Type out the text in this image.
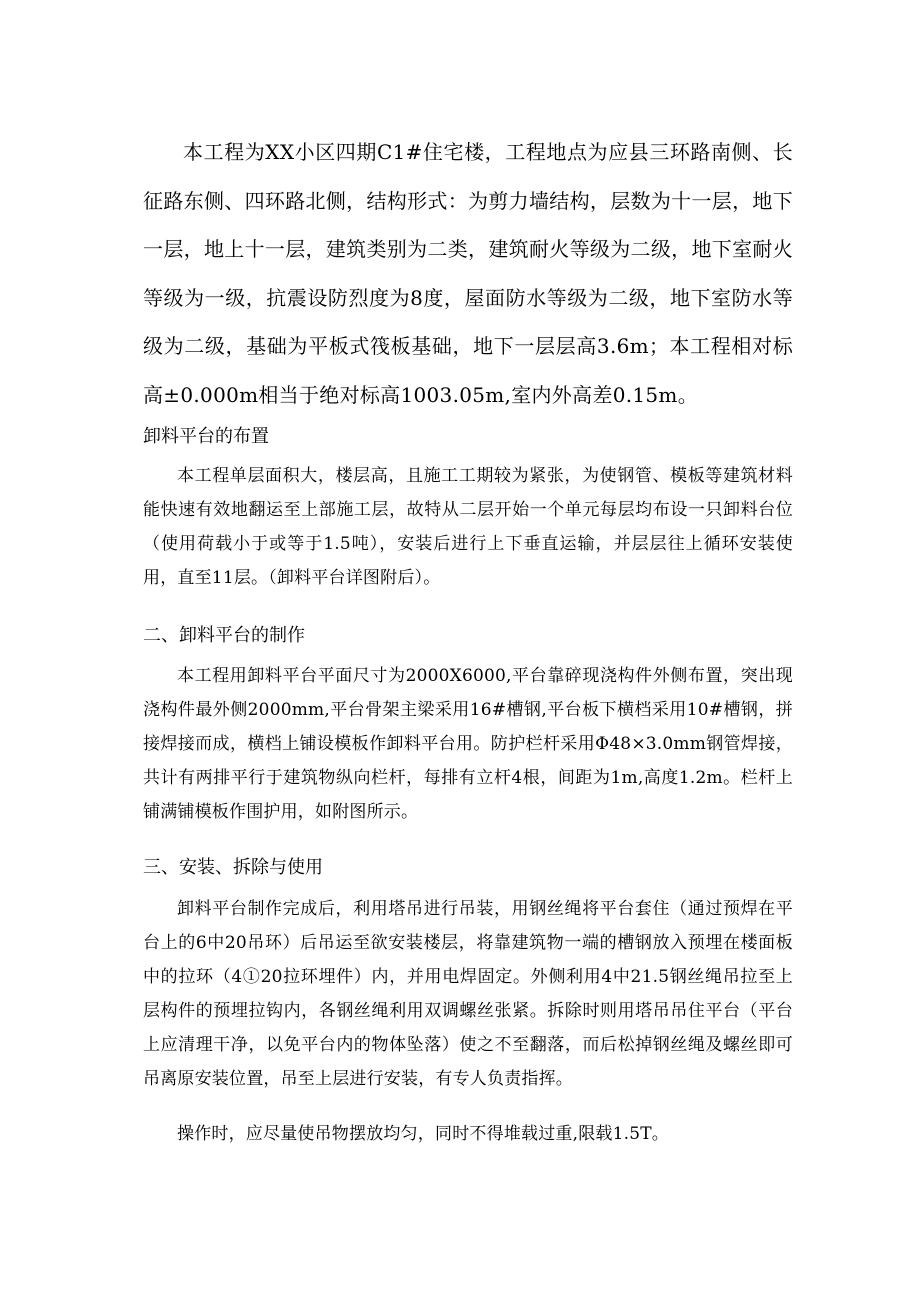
本工程为XX小区四期C1#住宅楼，工程地点为应县三环路南侧、长征路东侧、四环路北侧，结构形式：为剪力墙结构，层数为十一层，地下一层，地上十一层，建筑类别为二类，建筑耐火等级为二级，地下室耐火等级为一级，抗震设防烈度为8度，屋面防水等级为二级，地下室防水等级为二级，基础为平板式筏板基础，地下一层层高3.6m；本工程相对标高±0.000m相当于绝对标高1003.05m,室内外高差0.15m。

卸料平台的布置

本工程单层面积大，楼层高，且施工工期较为紧张，为使钢管、模板等建筑材料能快速有效地翻运至上部施工层，故特从二层开始一个单元每层均布设一只卸料台位（使用荷载小于或等于1.5吨），安装后进行上下垂直运输，并层层往上循环安装使用，直至11层。（卸料平台详图附后）。

二、卸料平台的制作

本工程用卸料平台平面尺寸为2000X6000,平台靠碎现浇构件外侧布置，突出现浇构件最外侧2000mm,平台骨架主梁采用16#槽钢,平台板下横档采用10#槽钢，拼接焊接而成，横档上铺设模板作卸料平台用。防护栏杆采用Φ48×3.0mm钢管焊接，共计有两排平行于建筑物纵向栏杆，每排有立杆4根，间距为1m,高度1.2m。栏杆上铺满铺模板作围护用，如附图所示。

三、安装、拆除与使用

卸料平台制作完成后，利用塔吊进行吊装，用钢丝绳将平台套住（通过预焊在平台上的6中20吊环）后吊运至欲安装楼层，将靠建筑物一端的槽钢放入预埋在楼面板中的拉环（4①20拉环埋件）内，并用电焊固定。外侧利用4中21.5钢丝绳吊拉至上层构件的预埋拉钩内，各钢丝绳利用双调螺丝张紧。拆除时则用塔吊吊住平台（平台上应清理干净，以免平台内的物体坠落）使之不至翻落，而后松掉钢丝绳及螺丝即可吊离原安装位置，吊至上层进行安装，有专人负责指挥。

操作时，应尽量使吊物摆放均匀，同时不得堆载过重,限载1.5T。
